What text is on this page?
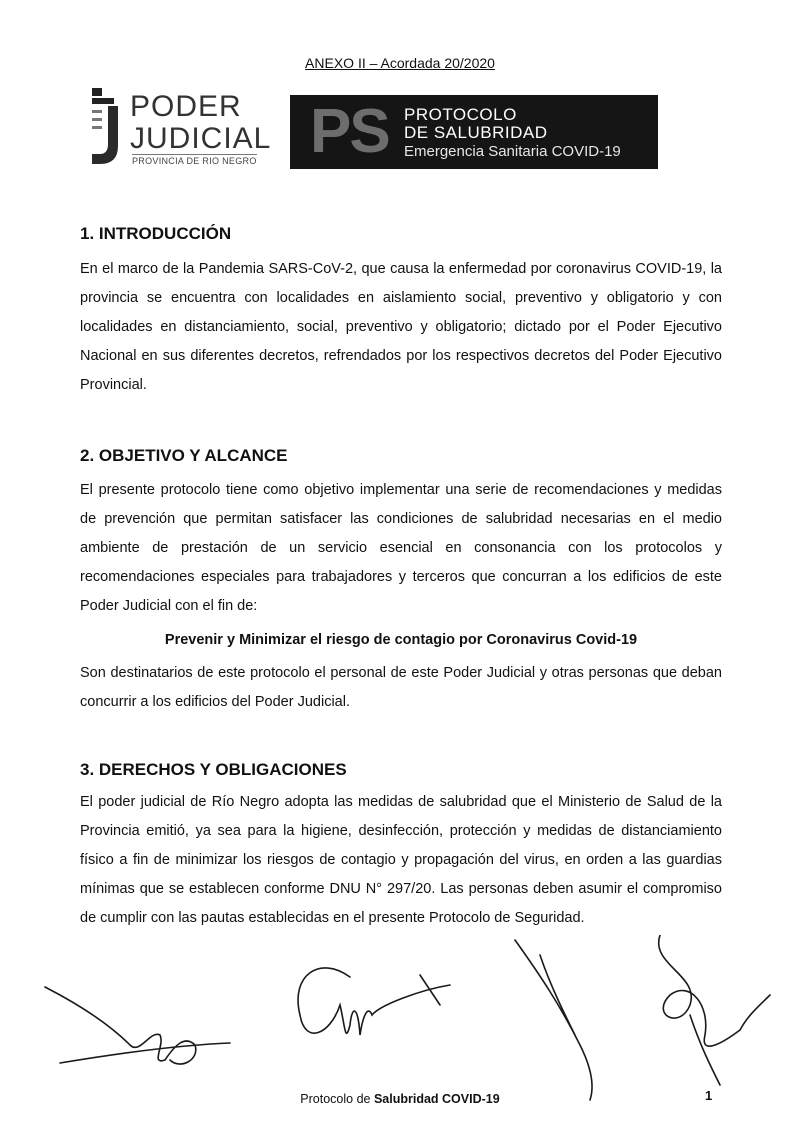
ANEXO II – Acordada 20/2020
PODER
JUDICIAL
PROVINCIA DE RIO NEGRO PS PROTOCOLO
DE SALUBRIDAD
Emergencia Sanitaria COVID-19
1. INTRODUCCIÓN

En el marco de la Pandemia SARS-CoV-2, que causa la enfermedad por coronavirus COVID-19, la provincia se encuentra con localidades en aislamiento social, preventivo y obligatorio y con localidades en distanciamiento, social, preventivo y obligatorio; dictado por el Poder Ejecutivo Nacional en sus diferentes decretos, refrendados por los respectivos decretos del Poder Ejecutivo Provincial.

2. OBJETIVO Y ALCANCE

El presente protocolo tiene como objetivo implementar una serie de recomendaciones y medidas de prevención que permitan satisfacer las condiciones de salubridad necesarias en el medio ambiente de prestación de un servicio esencial en consonancia con los protocolos y recomendaciones especiales para trabajadores y terceros que concurran a los edificios de este Poder Judicial con el fin de:

Prevenir y Minimizar el riesgo de contagio por Coronavirus Covid-19

Son destinatarios de este protocolo el personal de este Poder Judicial y otras personas que deban concurrir a los edificios del Poder Judicial.

3. DERECHOS Y OBLIGACIONES

El poder judicial de Río Negro adopta las medidas de salubridad que el Ministerio de Salud de la Provincia emitió, ya sea para la higiene, desinfección, protección y medidas de distanciamiento físico a fin de minimizar los riesgos de contagio y propagación del virus, en orden a las guardias mínimas que se establecen conforme DNU N° 297/20. Las personas deben asumir el compromiso de cumplir con las pautas establecidas en el presente Protocolo de Seguridad.

Protocolo de Salubridad COVID-19	1
